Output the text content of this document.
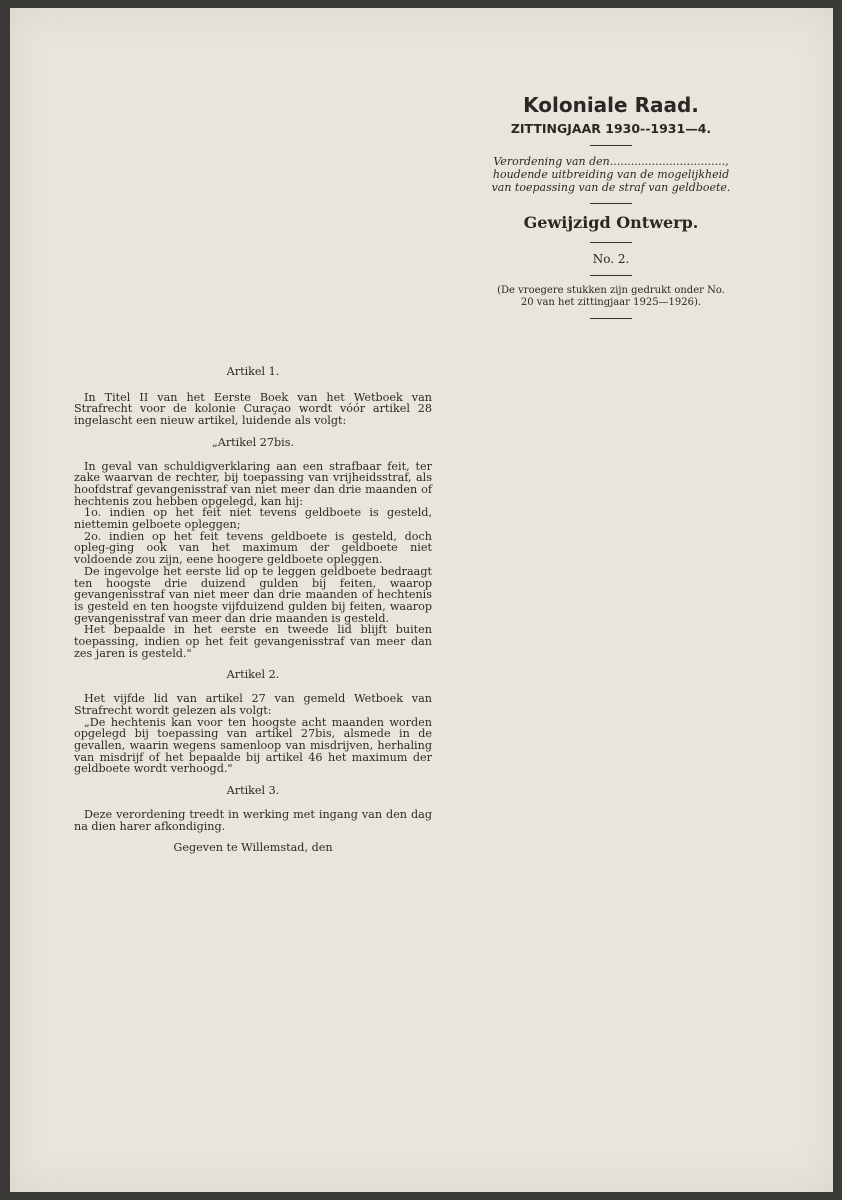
Koloniale Raad.
ZITTINGJAAR 1930--1931—4.
Verordening van den.................................,
houdende uitbreiding van de mogelijkheid
van toepassing van de straf van geldboete.
Gewijzigd Ontwerp.
No. 2.
(De vroegere stukken zijn gedrukt onder No.
20 van het zittingjaar 1925—1926).
Artikel 1.

In Titel II van het Eerste Boek van het Wetboek van Strafrecht voor de kolonie Curaçao wordt vóór artikel 28 ingelascht een nieuw artikel, luidende als volgt:

„Artikel 27bis.

In geval van schuldigverklaring aan een strafbaar feit, ter zake waarvan de rechter, bij toepassing van vrijheidsstraf, als hoofdstraf gevangenisstraf van niet meer dan drie maanden of hechtenis zou hebben opgelegd, kan hij:

1o. indien op het feit niet tevens geldboete is gesteld, niettemin gelboete opleggen;

2o. indien op het feit tevens geldboete is gesteld, doch opleg-ging ook van het maximum der geldboete niet voldoende zou zijn, eene hoogere geldboete opleggen.

De ingevolge het eerste lid op te leggen geldboete bedraagt ten hoogste drie duizend gulden bij feiten, waarop gevangenisstraf van niet meer dan drie maanden of hechtenis is gesteld en ten hoogste vijfduizend gulden bij feiten, waarop gevangenisstraf van meer dan drie maanden is gesteld.

Het bepaalde in het eerste en tweede lid blijft buiten toepassing, indien op het feit gevangenisstraf van meer dan zes jaren is gesteld."

Artikel 2.

Het vijfde lid van artikel 27 van gemeld Wetboek van Strafrecht wordt gelezen als volgt:

„De hechtenis kan voor ten hoogste acht maanden worden opgelegd bij toepassing van artikel 27bis, alsmede in de gevallen, waarin wegens samenloop van misdrijven, herhaling van misdrijf of het bepaalde bij artikel 46 het maximum der geldboete wordt verhoogd."

Artikel 3.

Deze verordening treedt in werking met ingang van den dag na dien harer afkondiging.

Gegeven te Willemstad, den
